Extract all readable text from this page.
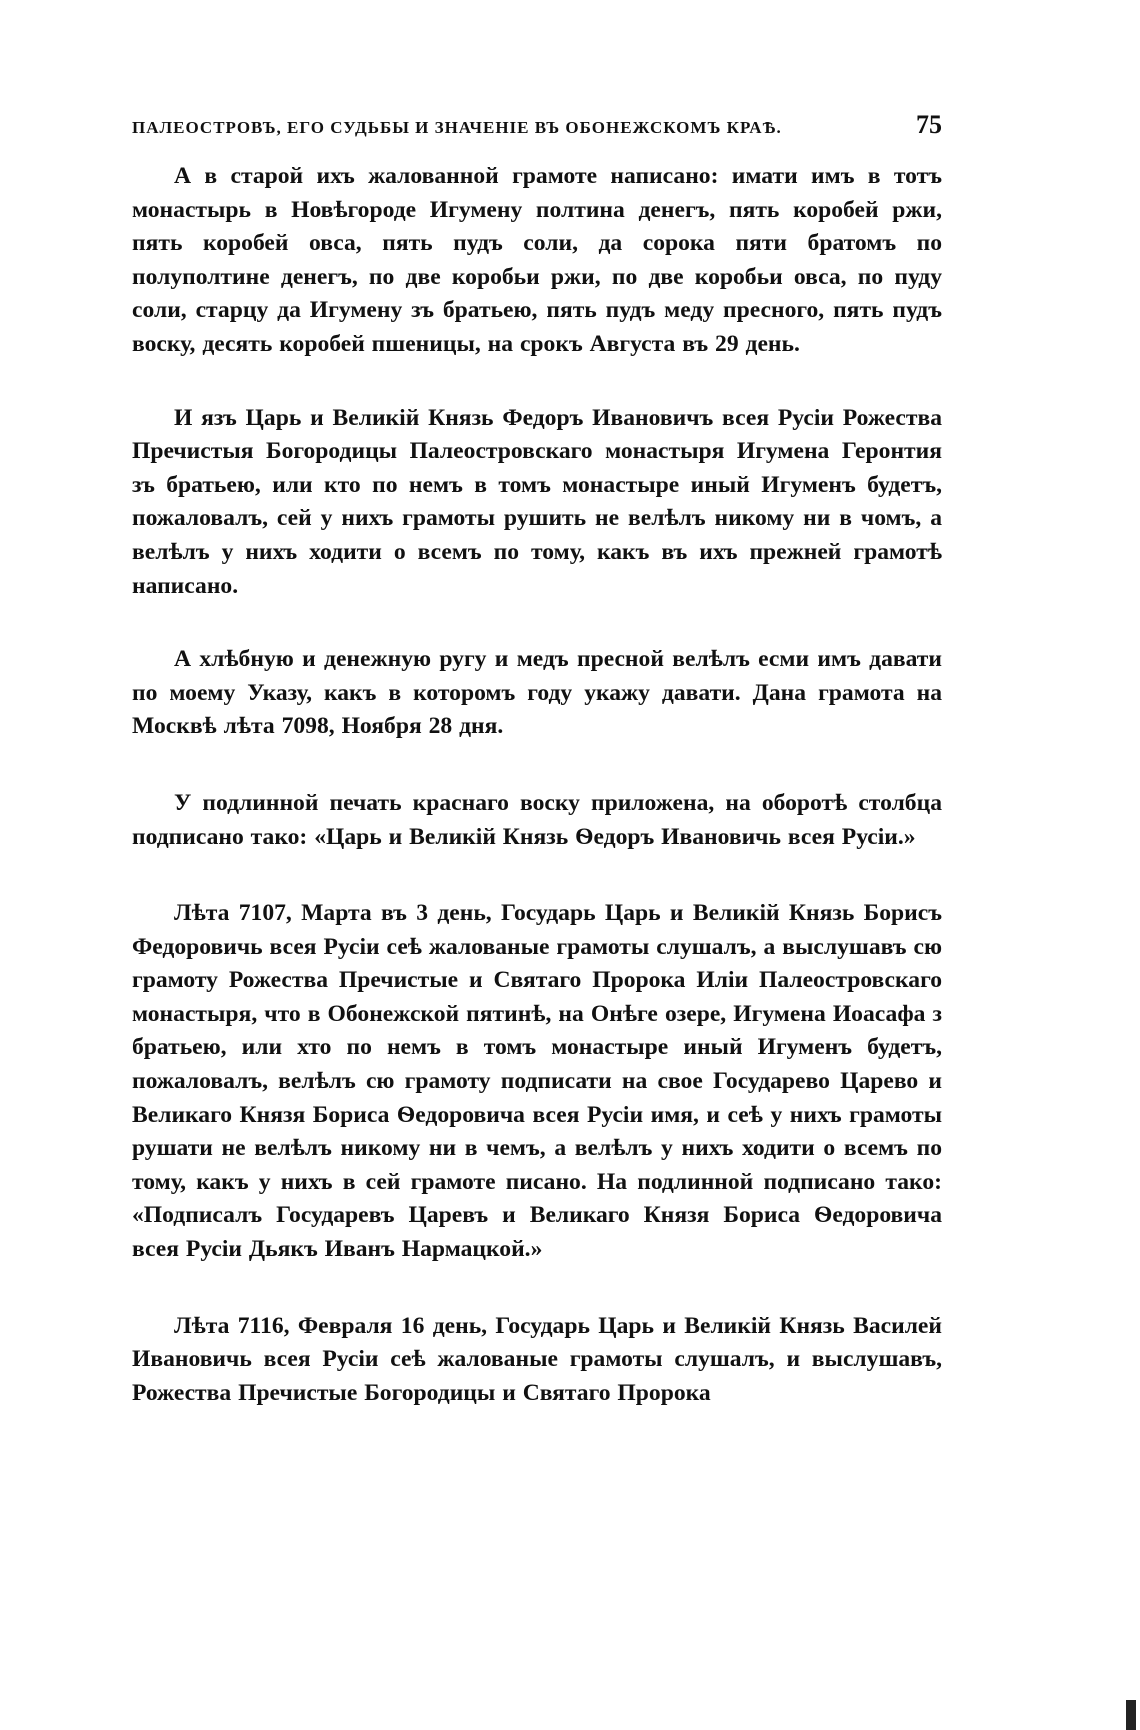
ПАЛЕОСТРОВЪ, ЕГО СУДЬБЫ И ЗНАЧЕНІЕ ВЪ ОБОНЕЖСКОМЪ КРАѢ.	75

А в старой ихъ жалованной грамоте написано: имати имъ в тотъ монастырь в Новѣгороде Игумену полтина денегъ, пять коробей ржи, пять коробей овса, пять пудъ соли, да сорока пяти братомъ по полуполтине денегъ, по две коробьи ржи, по две коробьи овса, по пуду соли, старцу да Игумену зъ братьею, пять пудъ меду пресного, пять пудъ воску, десять коробей пшеницы, на срокъ Августа въ 29 день.

И язъ Царь и Великій Князь Федоръ Ивановичъ всея Русіи Рожества Пречистыя Богородицы Палеостровскаго монастыря Игумена Геронтия зъ братьею, или кто по немъ в томъ монастыре иный Игуменъ будетъ, пожаловалъ, сей у нихъ грамоты рушить не велѣлъ никому ни в чомъ, а велѣлъ у нихъ ходити о всемъ по тому, какъ въ ихъ прежней грамотѣ написано.

А хлѣбную и денежную ругу и медъ пресной велѣлъ есми имъ давати по моему Указу, какъ в которомъ году укажу давати. Дана грамота на Москвѣ лѣта 7098, Ноября 28 дня.

У подлинной печать краснаго воску приложена, на оборотѣ столбца подписано тако: «Царь и Великій Князь Ѳедоръ Ивановичь всея Русіи.»

Лѣта 7107, Марта въ 3 день, Государь Царь и Великій Князь Борисъ Федоровичь всея Русіи сеѣ жалованые грамоты слушалъ, а выслушавъ сю грамоту Рожества Пречистые и Святаго Пророка Иліи Палеостровскаго монастыря, что в Обонежской пятинѣ, на Онѣге озере, Игумена Иоасафа з братьею, или хто по немъ в томъ монастыре иный Игуменъ будетъ, пожаловалъ, велѣлъ сю грамоту подписати на свое Государево Царево и Великаго Князя Бориса Ѳедоровича всея Русіи имя, и сеѣ у нихъ грамоты рушати не велѣлъ никому ни в чемъ, а велѣлъ у нихъ ходити о всемъ по тому, какъ у нихъ в сей грамоте писано. На подлинной подписано тако: «Подписалъ Государевъ Царевъ и Великаго Князя Бориса Ѳедоровича всея Русіи Дьякъ Иванъ Нармацкой.»

Лѣта 7116, Февраля 16 день, Государь Царь и Великій Князь Василей Ивановичь всея Русіи сеѣ жалованые грамоты слушалъ, и выслушавъ, Рожества Пречистые Богородицы и Святаго Пророка
